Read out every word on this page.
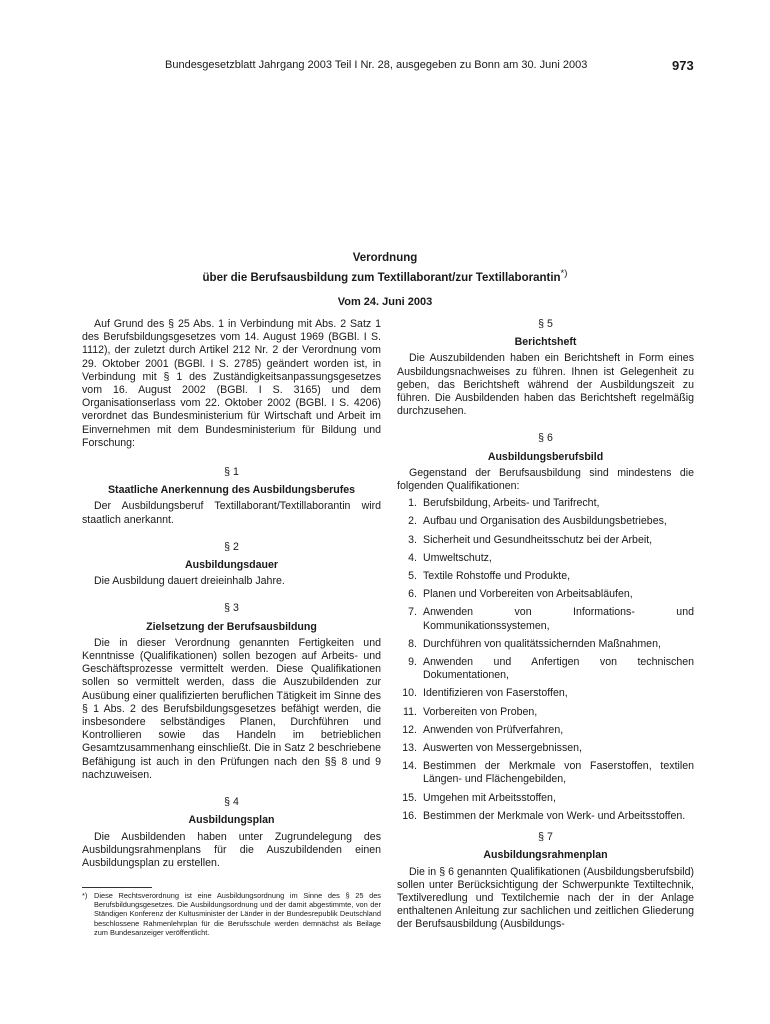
Bundesgesetzblatt Jahrgang 2003 Teil I Nr. 28, ausgegeben zu Bonn am 30. Juni 2003	973
Verordnung
über die Berufsausbildung zum Textillaborant/zur Textillaborantin*)
Vom 24. Juni 2003

Auf Grund des § 25 Abs. 1 in Verbindung mit Abs. 2 Satz 1 des Berufsbildungsgesetzes vom 14. August 1969 (BGBl. I S. 1112), der zuletzt durch Artikel 212 Nr. 2 der Verordnung vom 29. Oktober 2001 (BGBl. I S. 2785) geändert worden ist, in Verbindung mit § 1 des Zuständigkeitsanpassungsgesetzes vom 16. August 2002 (BGBl. I S. 3165) und dem Organisationserlass vom 22. Oktober 2002 (BGBl. I S. 4206) verordnet das Bundesministerium für Wirtschaft und Arbeit im Einvernehmen mit dem Bundesministerium für Bildung und Forschung:

§ 1
Staatliche Anerkennung des Ausbildungsberufes

Der Ausbildungsberuf Textillaborant/Textillaborantin wird staatlich anerkannt.

§ 2
Ausbildungsdauer

Die Ausbildung dauert dreieinhalb Jahre.

§ 3
Zielsetzung der Berufsausbildung

Die in dieser Verordnung genannten Fertigkeiten und Kenntnisse (Qualifikationen) sollen bezogen auf Arbeits- und Geschäftsprozesse vermittelt werden. Diese Qualifikationen sollen so vermittelt werden, dass die Auszubildenden zur Ausübung einer qualifizierten beruflichen Tätigkeit im Sinne des § 1 Abs. 2 des Berufsbildungsgesetzes befähigt werden, die insbesondere selbständiges Planen, Durchführen und Kontrollieren sowie das Handeln im betrieblichen Gesamtzusammenhang einschließt. Die in Satz 2 beschriebene Befähigung ist auch in den Prüfungen nach den §§ 8 und 9 nachzuweisen.

§ 4
Ausbildungsplan

Die Ausbildenden haben unter Zugrundelegung des Ausbildungsrahmenplans für die Auszubildenden einen Ausbildungsplan zu erstellen.

*) Diese Rechtsverordnung ist eine Ausbildungsordnung im Sinne des § 25 des Berufsbildungsgesetzes. Die Ausbildungsordnung und der damit abgestimmte, von der Ständigen Konferenz der Kultusminister der Länder in der Bundesrepublik Deutschland beschlossene Rahmenlehrplan für die Berufsschule werden demnächst als Beilage zum Bundesanzeiger veröffentlicht.
§ 5
Berichtsheft

Die Auszubildenden haben ein Berichtsheft in Form eines Ausbildungsnachweises zu führen. Ihnen ist Gelegenheit zu geben, das Berichtsheft während der Ausbildungszeit zu führen. Die Ausbildenden haben das Berichtsheft regelmäßig durchzusehen.

§ 6
Ausbildungsberufsbild

Gegenstand der Berufsausbildung sind mindestens die folgenden Qualifikationen:

1. Berufsbildung, Arbeits- und Tarifrecht,
2. Aufbau und Organisation des Ausbildungsbetriebes,
3. Sicherheit und Gesundheitsschutz bei der Arbeit,
4. Umweltschutz,
5. Textile Rohstoffe und Produkte,
6. Planen und Vorbereiten von Arbeitsabläufen,
7. Anwenden von Informations- und Kommunikationssystemen,
8. Durchführen von qualitätssichernden Maßnahmen,
9. Anwenden und Anfertigen von technischen Dokumentationen,
10. Identifizieren von Faserstoffen,
11. Vorbereiten von Proben,
12. Anwenden von Prüfverfahren,
13. Auswerten von Messergebnissen,
14. Bestimmen der Merkmale von Faserstoffen, textilen Längen- und Flächengebilden,
15. Umgehen mit Arbeitsstoffen,
16. Bestimmen der Merkmale von Werk- und Arbeitsstoffen.
§ 7
Ausbildungsrahmenplan

Die in § 6 genannten Qualifikationen (Ausbildungsberufsbild) sollen unter Berücksichtigung der Schwerpunkte Textiltechnik, Textilveredlung und Textilchemie nach der in der Anlage enthaltenen Anleitung zur sachlichen und zeitlichen Gliederung der Berufsausbildung (Ausbildungs-
